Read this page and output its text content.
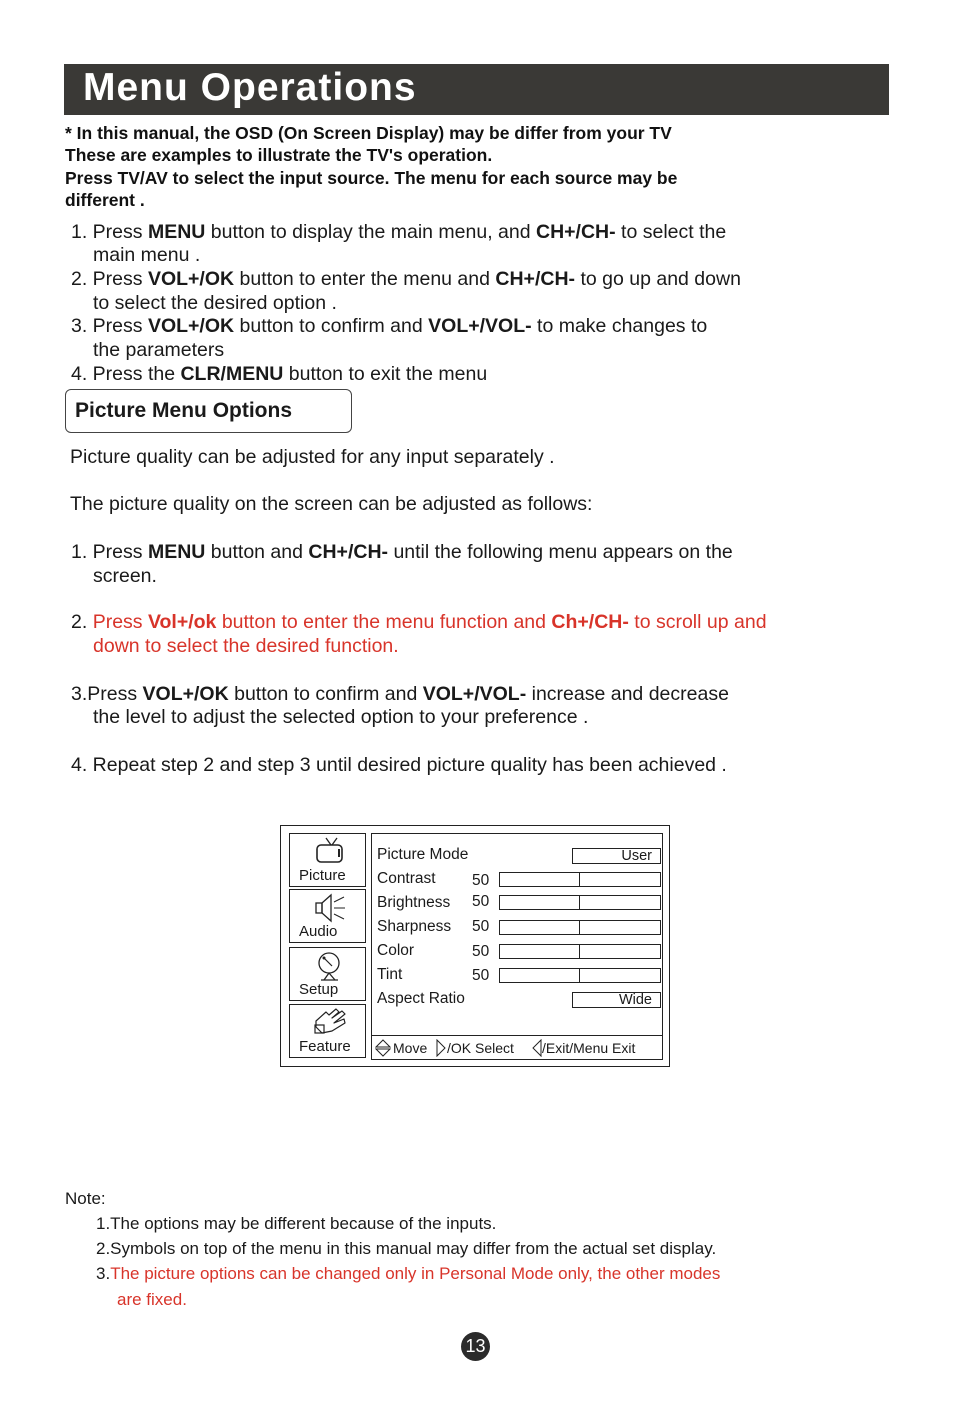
Menu Operations
* In this manual, the OSD (On Screen Display) may be differ from your TV
These are examples to illustrate the TV's operation.
Press TV/AV to select the input source. The menu for each source may be
different .
1. Press MENU button to display the main menu, and CH+/CH- to select the
main menu .
2. Press VOL+/OK button to enter the menu and CH+/CH- to go up and down
to select the desired option .
3. Press VOL+/OK button to confirm and VOL+/VOL- to make changes to
the parameters
4. Press the CLR/MENU button to exit the menu
Picture Menu Options
Picture quality can be adjusted for any input separately .
The picture quality on the screen can be adjusted as follows:
1. Press MENU button and CH+/CH- until the following menu appears on the
screen.
2. Press Vol+/ok button to enter the menu function and Ch+/CH- to scroll up and
down to select the desired function.
3.Press VOL+/OK button to confirm and VOL+/VOL- increase and decrease
the level to adjust the selected option to your preference .
4. Repeat step 2 and step 3 until desired picture quality has been achieved .
Picture
Audio
Setup
Feature
Picture Mode	User
Contrast 50
Brightness 50
Sharpness 50
Color	50
Tint	50
Aspect Ratio	Wide
Move /OK Select /Exit/Menu Exit
Note:
1.The options may be different because of the inputs.
2.Symbols on top of the menu in this manual may differ from the actual set display.
3.The picture options can be changed only in Personal Mode only, the other modes
are fixed.
13
